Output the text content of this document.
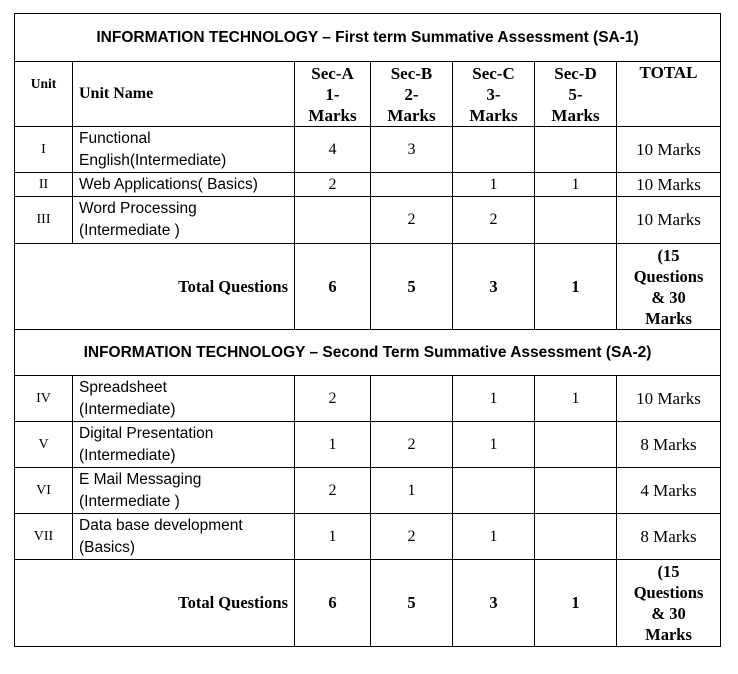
INFORMATION TECHNOLOGY – First term Summative Assessment (SA-1)						
Unit	Unit Name	Sec-A
1-
Marks	Sec-B
2-
Marks	Sec-C
3-
Marks	Sec-D
5-
Marks	TOTAL
I	Functional
English(Intermediate)	4	3			10 Marks
II	Web Applications( Basics)	2		1	1	10 Marks
III	Word Processing
(Intermediate )		2	2		10 Marks
Total Questions		6	5	3	1	(15
Questions
& 30
Marks

INFORMATION TECHNOLOGY – Second Term Summative Assessment (SA-2)						
IV	Spreadsheet
(Intermediate)	2		1	1	10 Marks
V	Digital Presentation
(Intermediate)	1	2	1		8 Marks
VI	E Mail Messaging
(Intermediate )	2	1			4 Marks
VII	Data base development
(Basics)	1	2	1		8 Marks
Total Questions		6	5	3	1	(15
Questions
& 30
Marks
